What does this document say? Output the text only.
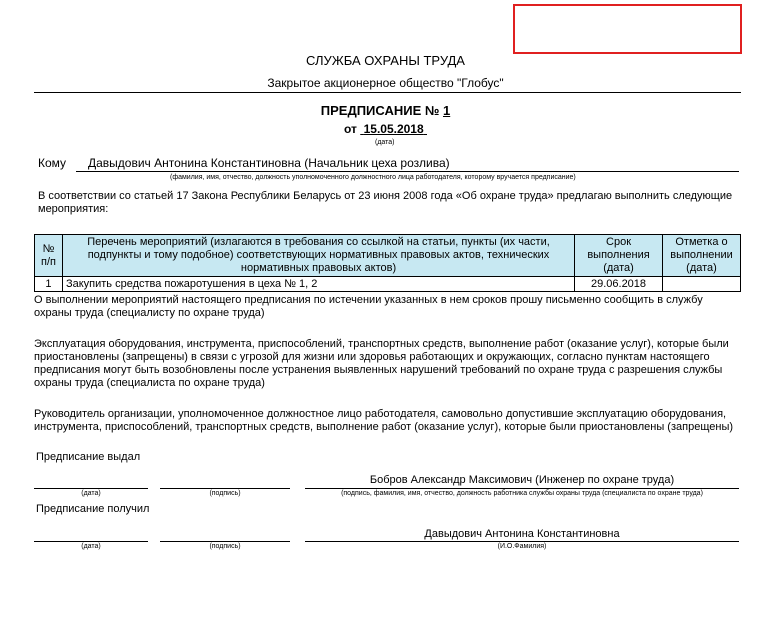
СЛУЖБА ОХРАНЫ ТРУДА
Закрытое акционерное общество "Глобус"
ПРЕДПИСАНИЕ № 1
от 15.05.2018
(дата)
Кому Давыдович Антонина Константиновна (Начальник цеха розлива)
(фамилия, имя, отчество, должность уполномоченного должностного лица работодателя, которому вручается предписание)
В соответствии со статьей 17 Закона Республики Беларусь от 23 июня 2008 года «Об охране труда» предлагаю выполнить следующие мероприятия:
№ п/п	Перечень мероприятий (излагаются в требования со ссылкой на статьи, пункты (их части, подпункты и тому подобное) соответствующих нормативных правовых актов, технических нормативных правовых актов)	Срок выполнения (дата)	Отметка о выполнении (дата)
1	Закупить средства пожаротушения в цеха № 1, 2	29.06.2018	
О выполнении мероприятий настоящего предписания по истечении указанных в нем сроков прошу письменно сообщить в службу охраны труда (специалисту по охране труда)
Эксплуатация оборудования, инструмента, приспособлений, транспортных средств, выполнение работ (оказание услуг), которые были приостановлены (запрещены) в связи с угрозой для жизни или здоровья работающих и окружающих, согласно пунктам настоящего предписания могут быть возобновлены после устранения выявленных нарушений требований по охране труда с разрешения службы охраны труда (специалиста по охране труда)
Руководитель организации, уполномоченное должностное лицо работодателя, самовольно допустившие эксплуатацию оборудования, инструмента, приспособлений, транспортных средств, выполнение работ (оказание услуг), которые были приостановлены (запрещены)
Предписание выдал
Бобров Александр Максимович (Инженер по охране труда)
(дата)	(подпись)	(подпись, фамилия, имя, отчество, должность работника службы охраны труда (специалиста по охране труда)
Предписание получил
Давыдович Антонина Константиновна
(дата)	(подпись)	(И.О.Фамилия)
